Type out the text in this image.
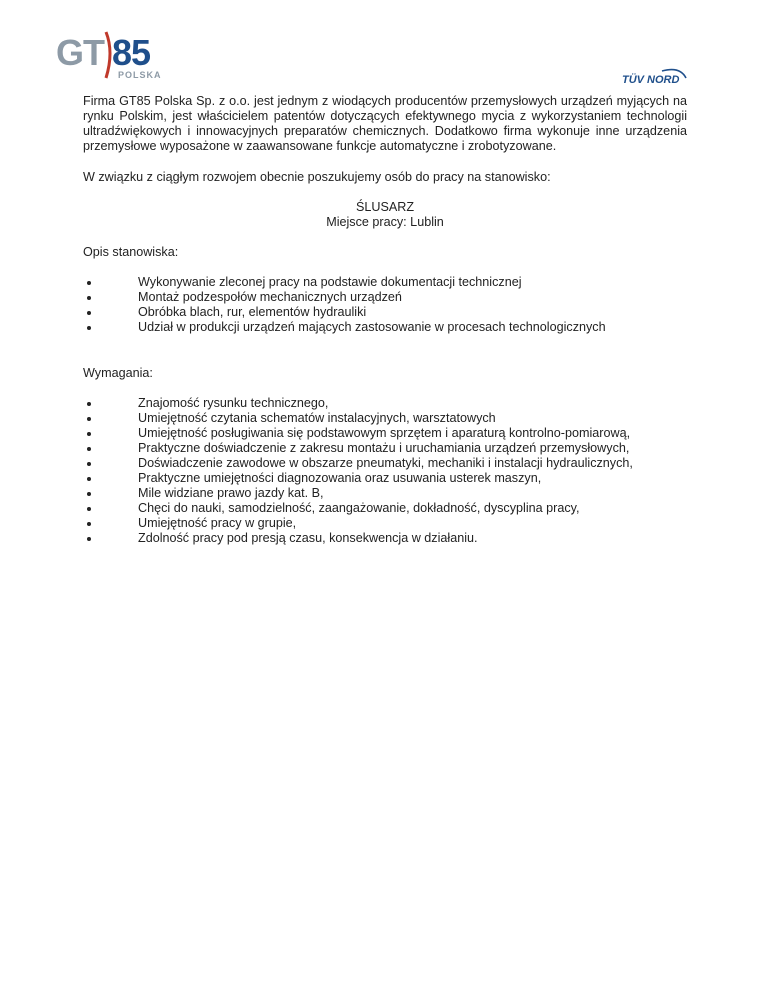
GT 85
POLSKA	TÜV NORD

Firma GT85 Polska Sp. z o.o. jest jednym z wiodących producentów przemysłowych urządzeń myjących na rynku Polskim, jest właścicielem patentów dotyczących efektywnego mycia z wykorzystaniem technologii ultradźwiękowych i innowacyjnych preparatów chemicznych. Dodatkowo firma wykonuje inne urządzenia przemysłowe wyposażone w zaawansowane funkcje automatyczne i zrobotyzowane.

W związku z ciągłym rozwojem obecnie poszukujemy osób do pracy na stanowisko:

ŚLUSARZ
Miejsce pracy: Lublin

Opis stanowiska:

Wykonywanie zleconej pracy na podstawie dokumentacji technicznej
Montaż podzespołów mechanicznych urządzeń
Obróbka blach, rur, elementów hydrauliki
Udział w produkcji urządzeń mających zastosowanie w procesach technologicznych

Wymagania:

Znajomość rysunku technicznego,
Umiejętność czytania schematów instalacyjnych, warsztatowych
Umiejętność posługiwania się podstawowym sprzętem i aparaturą kontrolno-pomiarową,
Praktyczne doświadczenie z zakresu montażu i uruchamiania urządzeń przemysłowych,
Doświadczenie zawodowe w obszarze pneumatyki, mechaniki i instalacji hydraulicznych,
Praktyczne umiejętności diagnozowania oraz usuwania usterek maszyn,
Mile widziane prawo jazdy kat. B,
Chęci do nauki, samodzielność, zaangażowanie, dokładność, dyscyplina pracy,
Umiejętność pracy w grupie,
Zdolność pracy pod presją czasu, konsekwencja w działaniu.
